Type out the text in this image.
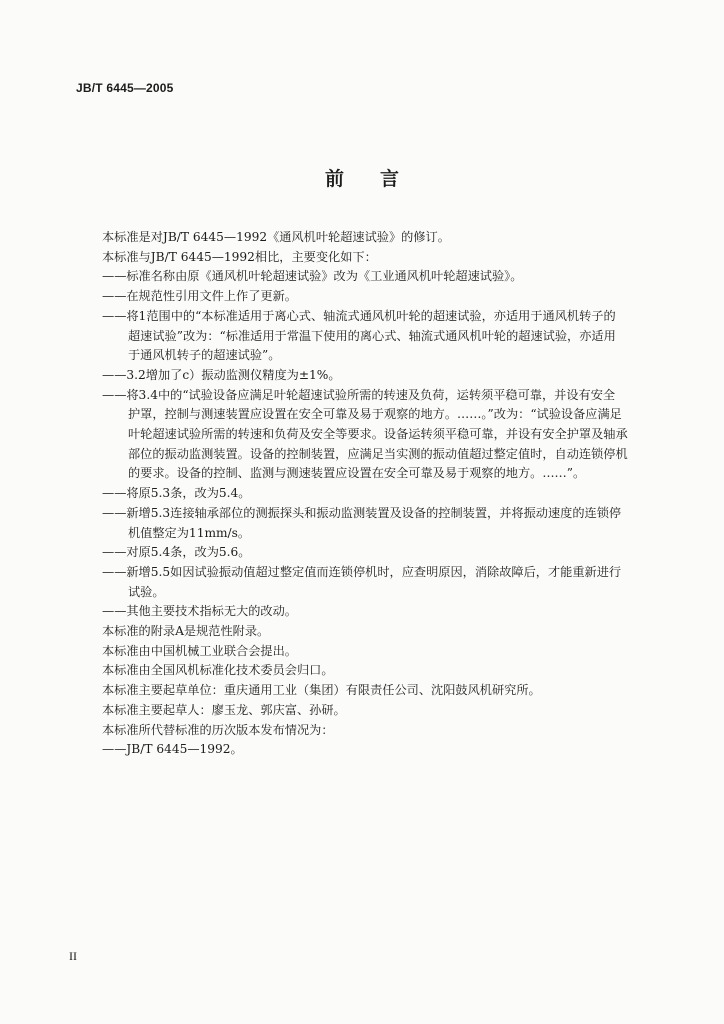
JB/T 6445—2005
前言
本标准是对JB/T 6445—1992《通风机叶轮超速试验》的修订。
本标准与JB/T 6445—1992相比，主要变化如下：
——标准名称由原《通风机叶轮超速试验》改为《工业通风机叶轮超速试验》。
——在规范性引用文件上作了更新。
——将1范围中的“本标准适用于离心式、轴流式通风机叶轮的超速试验，亦适用于通风机转子的
超速试验”改为：“标准适用于常温下使用的离心式、轴流式通风机叶轮的超速试验，亦适用
于通风机转子的超速试验”。
——3.2增加了c）振动监测仪精度为±1%。
——将3.4中的“试验设备应满足叶轮超速试验所需的转速及负荷，运转须平稳可靠，并设有安全
护罩，控制与测速装置应设置在安全可靠及易于观察的地方。……。”改为：“试验设备应满足
叶轮超速试验所需的转速和负荷及安全等要求。设备运转须平稳可靠，并设有安全护罩及轴承
部位的振动监测装置。设备的控制装置，应满足当实测的振动值超过整定值时，自动连锁停机
的要求。设备的控制、监测与测速装置应设置在安全可靠及易于观察的地方。……”。
——将原5.3条，改为5.4。
——新增5.3连接轴承部位的测振探头和振动监测装置及设备的控制装置，并将振动速度的连锁停
机值整定为11mm/s。
——对原5.4条，改为5.6。
——新增5.5如因试验振动值超过整定值而连锁停机时，应查明原因，消除故障后，才能重新进行
试验。
——其他主要技术指标无大的改动。
本标准的附录A是规范性附录。
本标准由中国机械工业联合会提出。
本标准由全国风机标准化技术委员会归口。
本标准主要起草单位：重庆通用工业（集团）有限责任公司、沈阳鼓风机研究所。
本标准主要起草人：廖玉龙、郭庆富、孙研。
本标准所代替标准的历次版本发布情况为：
——JB/T 6445—1992。
II
